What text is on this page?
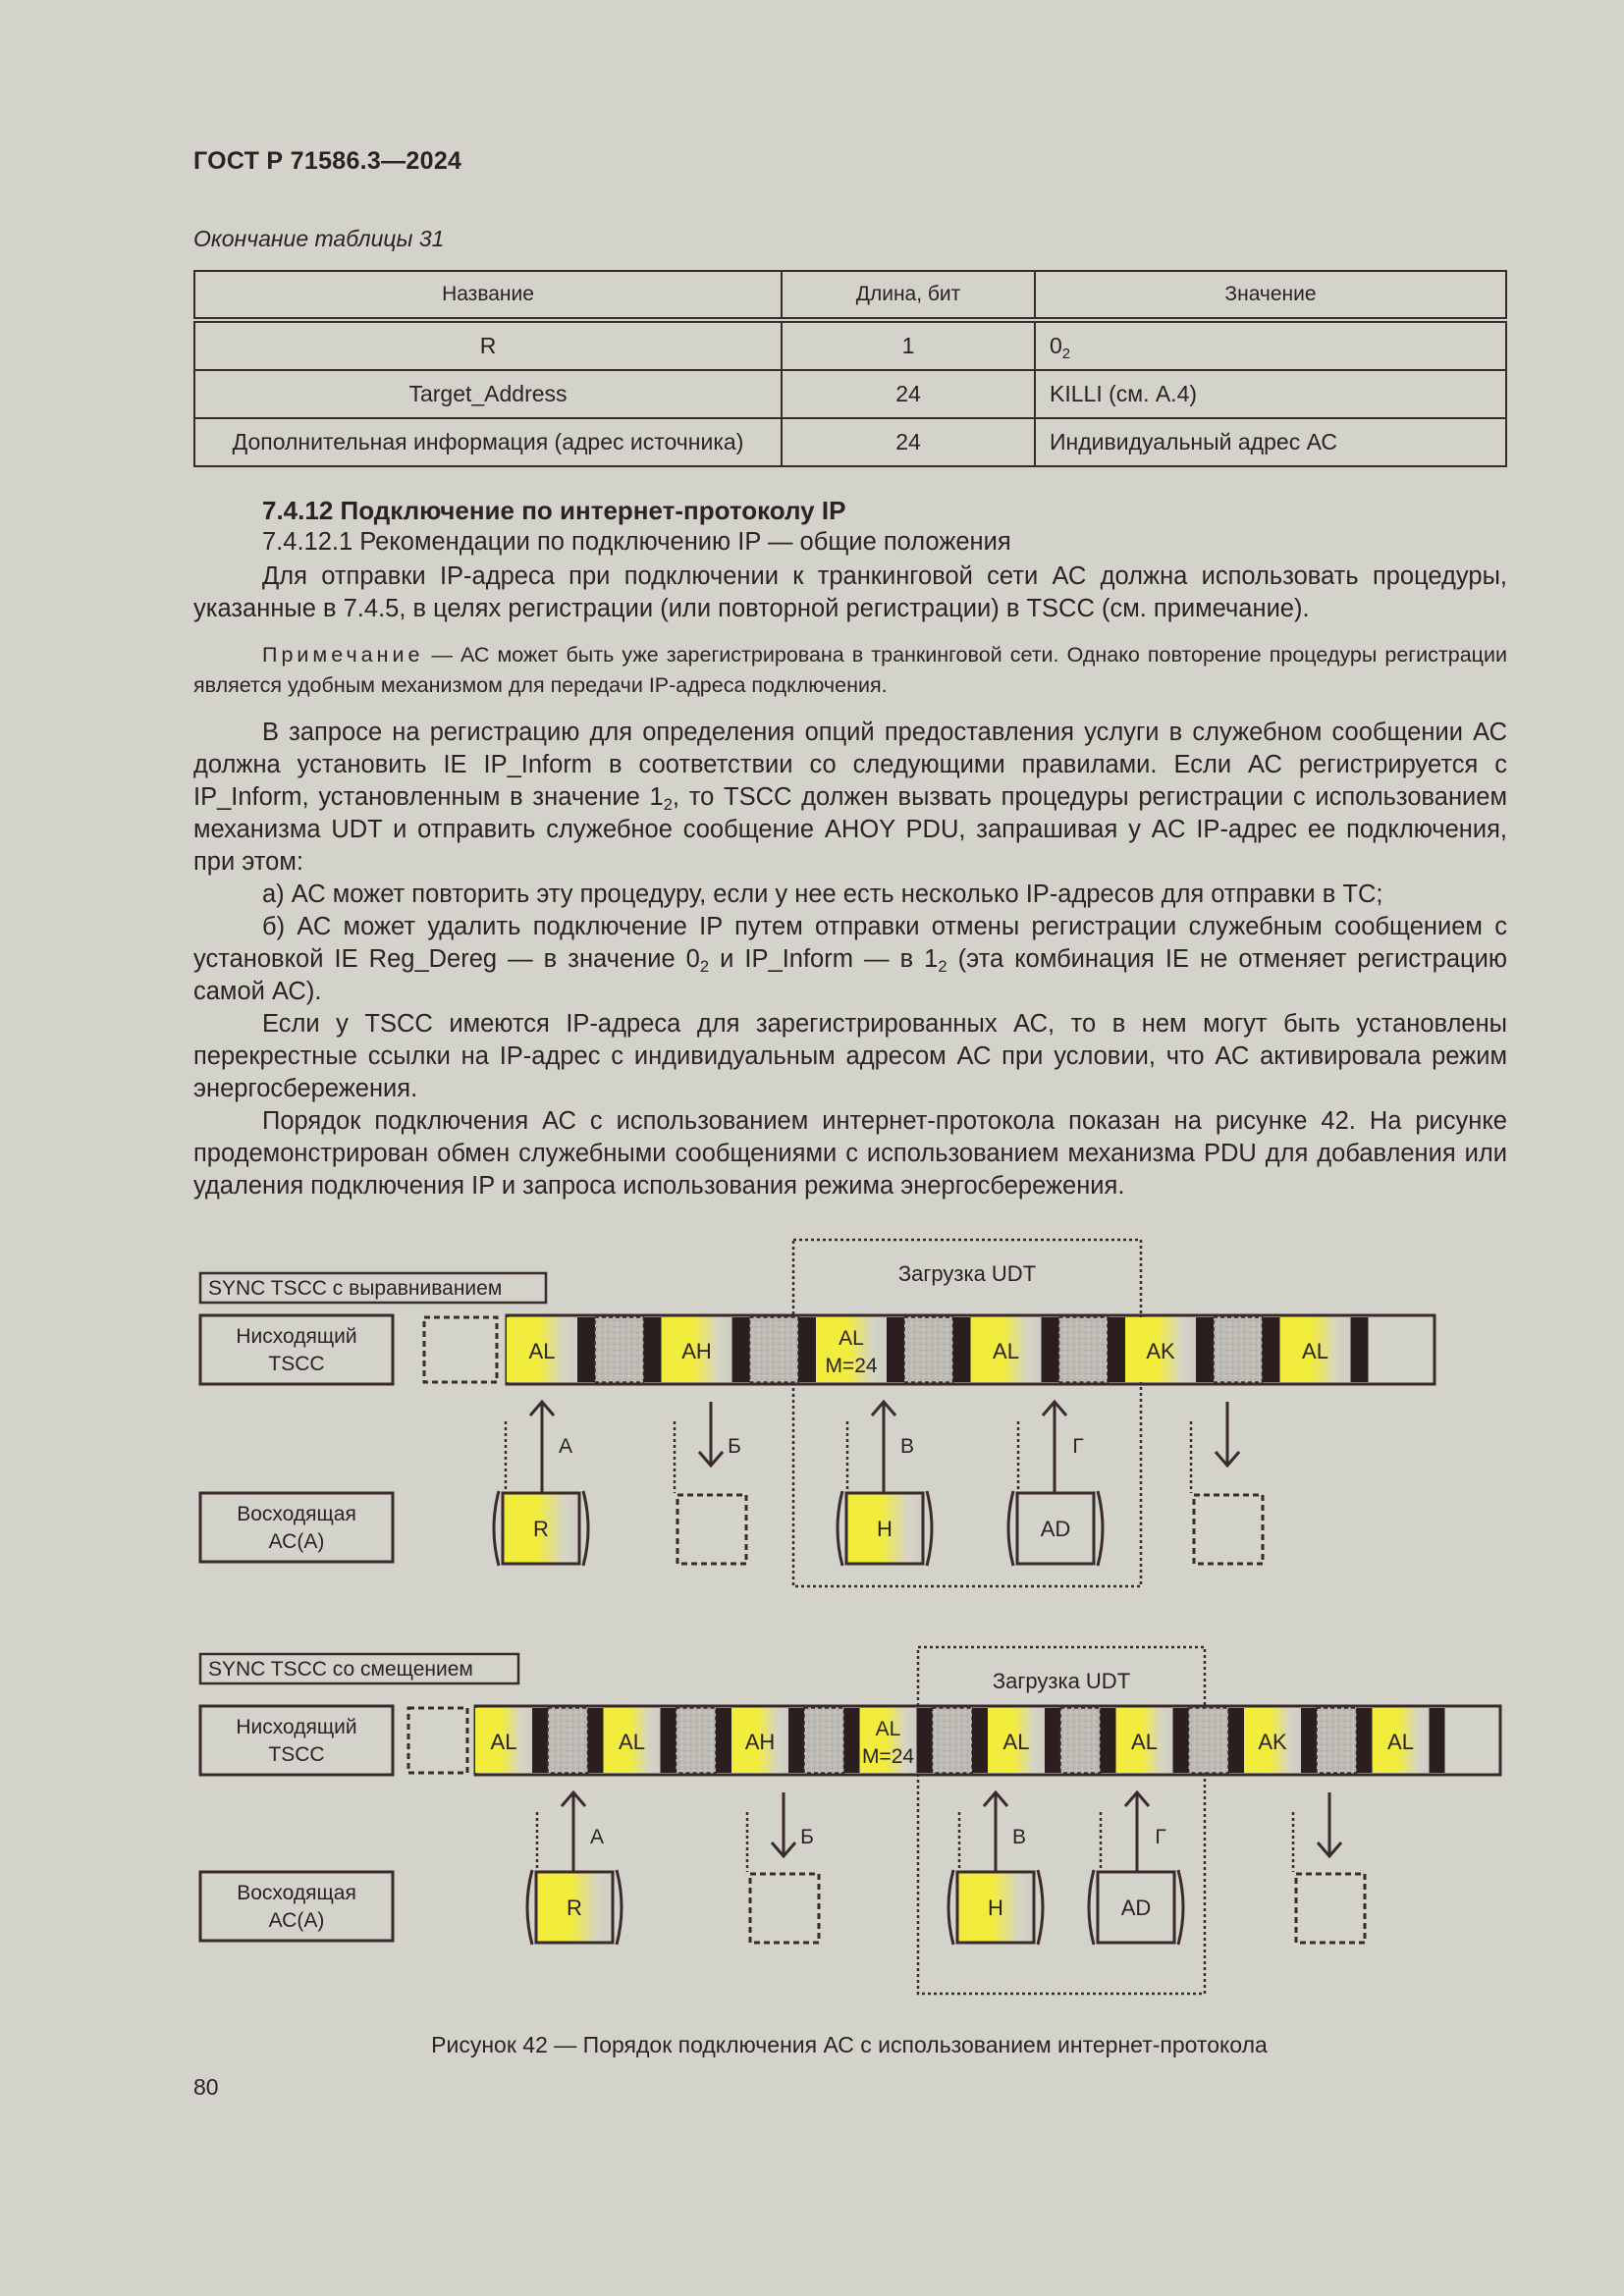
ГОСТ Р 71586.3—2024
Окончание таблицы 31
Название	Длина, бит	Значение
R	1	$0_2$
Target_Address	24	KILLI (см. А.4)
Дополнительная информация (адрес источника)	24	Индивидуальный адрес АС
7.4.12 Подключение по интернет-протоколу IP
7.4.12.1 Рекомендации по подключению IP — общие положения

Для отправки IP-адреса при подключении к транкинговой сети АС должна использовать процедуры, указанные в 7.4.5, в целях регистрации (или повторной регистрации) в TSCC (см. примечание).

Примечание — АС может быть уже зарегистрирована в транкинговой сети. Однако повторение процедуры регистрации является удобным механизмом для передачи IP-адреса подключения.

В запросе на регистрацию для определения опций предоставления услуги в служебном сообщении АС должна установить IE IP_Inform в соответствии со следующими правилами. Если АС регистрируется с IP_Inform, установленным в значение $1_2$, то TSCC должен вызвать процедуры регистрации с использованием механизма UDT и отправить служебное сообщение AHOY PDU, запрашивая у АС IP-адрес ее подключения, при этом:

а) АС может повторить эту процедуру, если у нее есть несколько IP-адресов для отправки в ТС;

б) АС может удалить подключение IP путем отправки отмены регистрации служебным сообщением с установкой IE Reg_Dereg — в значение $0_2$ и IP_Inform — в $1_2$ (эта комбинация IE не отменяет регистрацию самой АС).

Если у TSCC имеются IP-адреса для зарегистрированных АС, то в нем могут быть установлены перекрестные ссылки на IP-адрес с индивидуальным адресом АС при условии, что АС активировала режим энергосбережения.

Порядок подключения АС с использованием интернет-протокола показан на рисунке 42. На рисунке продемонстрирован обмен служебными сообщениями с использованием механизма PDU для добавления или удаления подключения IP и запроса использования режима энергосбережения.

SYNC TSCC с выравниванием
Загрузка UDT
Нисходящий
TSCC
Восходящая
АС(А)
AL	AH
AL
M=24
AL	AK	AL
А	Б	В	Г
R	H	AD
SYNC TSCC со смещением	Загрузка UDT
Нисходящий
TSCC
Восходящая
АС(А)
AL	AL	AH
AL
M=24
AL	AL	AK	AL
А	Б	В	Г
R	H	AD
Рисунок 42 — Порядок подключения АС с использованием интернет-протокола
80
